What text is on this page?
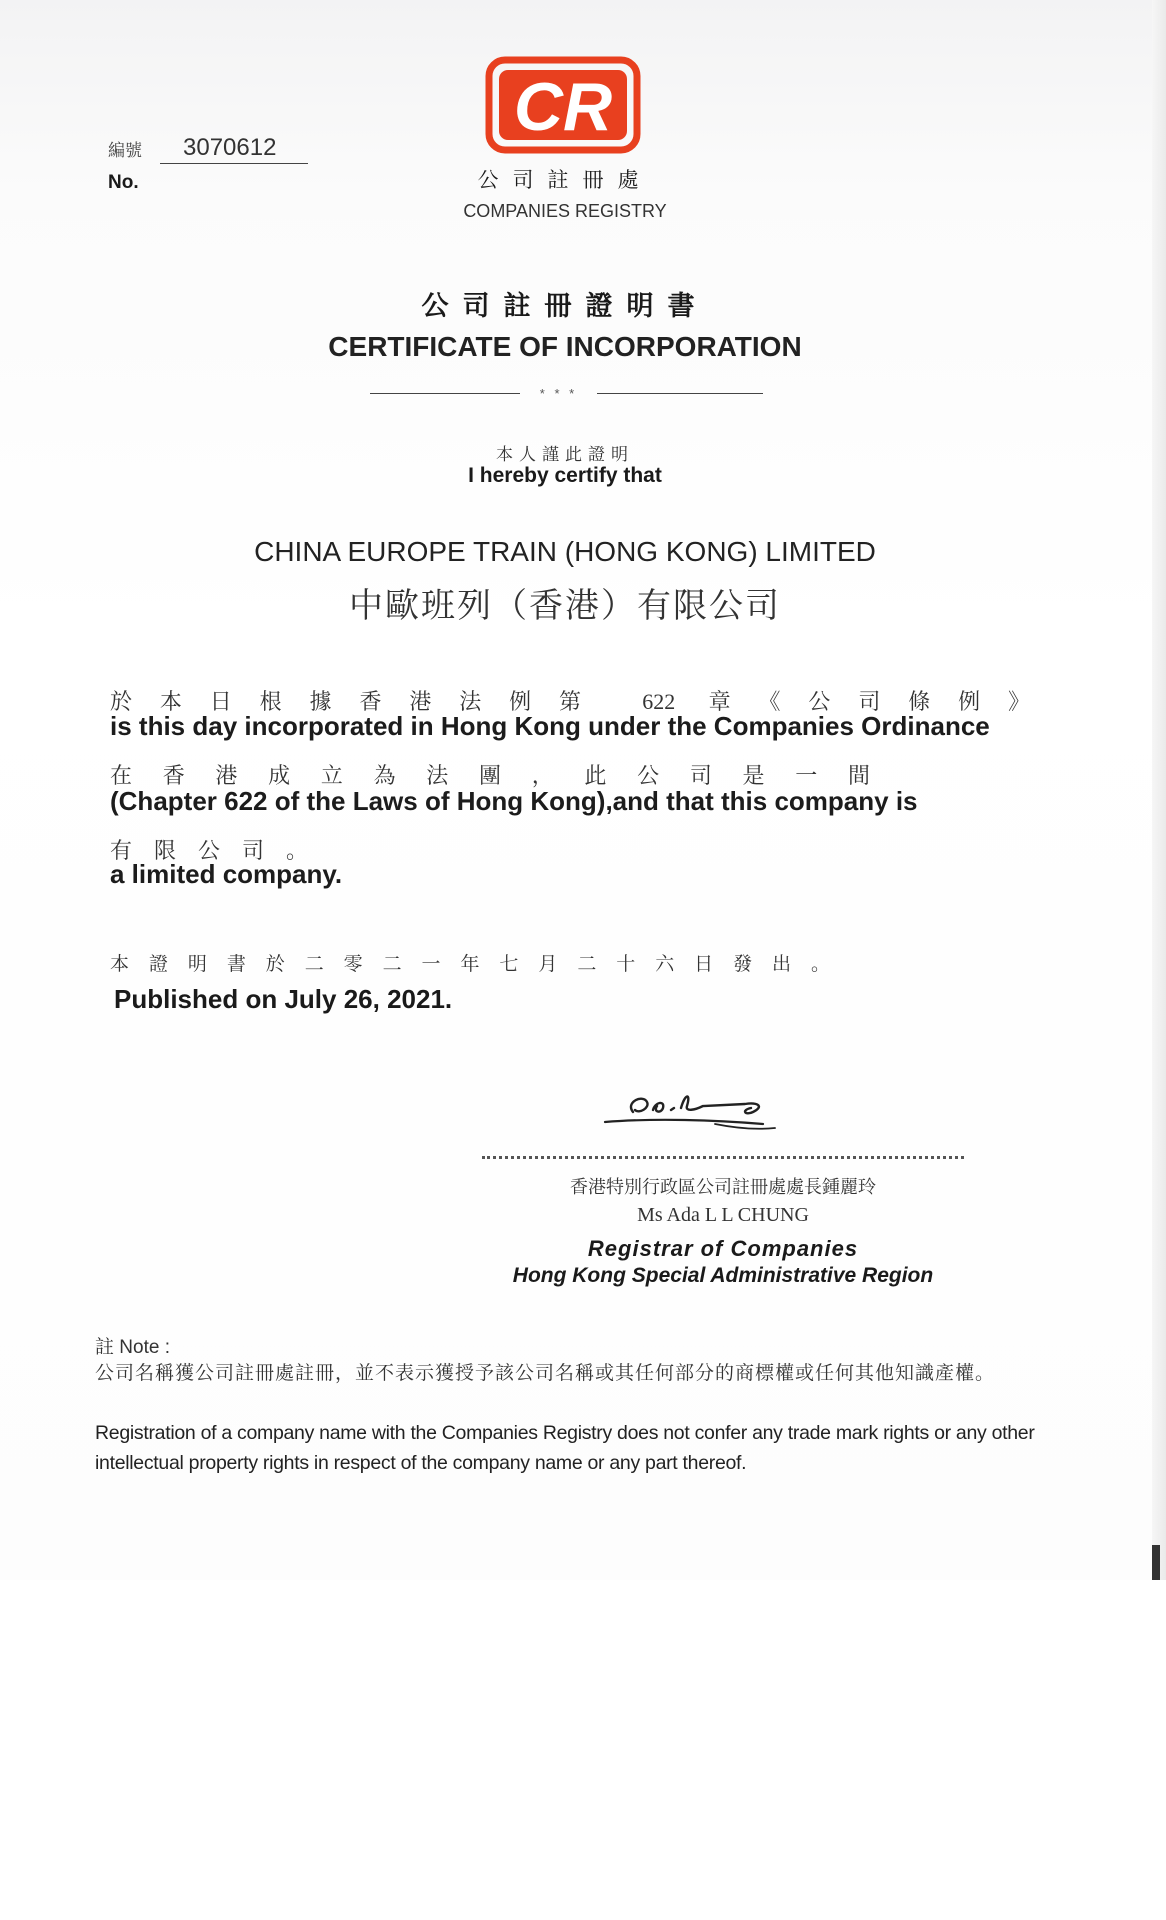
編號
No.
3070612
CR
公司註冊處
COMPANIES REGISTRY
公司註冊證明書
CERTIFICATE OF INCORPORATION
* * *
本人謹此證明
I hereby certify that
CHINA EUROPE TRAIN (HONG KONG) LIMITED
中歐班列（香港）有限公司
於本日根據香港法例第 622 章《公司條例》
is this day incorporated in Hong Kong under the Companies Ordinance
在香港成立為法團，此公司是一間
(Chapter 622 of the Laws of Hong Kong),and that this company is
有限公司。
a limited company.
本證明書於二零二一年七月二十六日發出。
Published on July 26, 2021.
香港特別行政區公司註冊處處長鍾麗玲
Ms Ada L L CHUNG
Registrar of Companies
Hong Kong Special Administrative Region
註 Note :
公司名稱獲公司註冊處註冊，並不表示獲授予該公司名稱或其任何部分的商標權或任何其他知識產權。
Registration of a company name with the Companies Registry does not confer any trade mark rights or any other intellectual property rights in respect of the company name or any part thereof.
